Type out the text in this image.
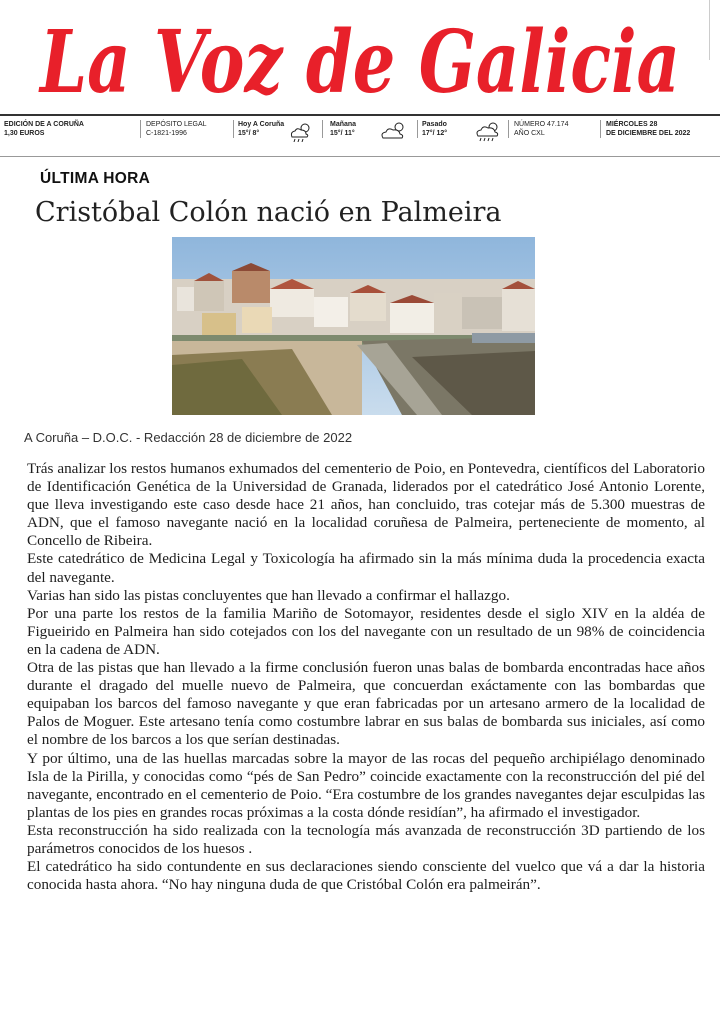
La Voz de Galicia
EDICIÓN DE A CORUÑA
1,30 EUROS
DEPÓSITO LEGAL
C-1821-1996
Hoy A Coruña
15°/ 8°
Mañana
15°/ 11°
Pasado
17°/ 12°
NÚMERO 47.174
AÑO CXL
MIÉRCOLES 28
DE DICIEMBRE DEL 2022
ÚLTIMA HORA
Cristóbal Colón nació en Palmeira
A Coruña – D.O.C. - Redacción 28 de diciembre de 2022

Trás analizar los restos humanos exhumados del cementerio de Poio, en Pontevedra, científicos del Laboratorio de Identificación Genética de la Universidad de Granada, liderados por el catedrático José Antonio Lorente, que lleva investigando este caso desde hace 21 años, han concluido, tras cotejar más de 5.300 muestras de ADN, que el famoso navegante nació en la localidad coruñesa de Palmeira, perteneciente de momento, al Concello de Ribeira.

Este catedrático de Medicina Legal y Toxicología ha afirmado sin la más mínima duda la procedencia exacta del navegante.

Varias han sido las pistas concluyentes que han llevado a confirmar el hallazgo.

Por una parte los restos de la familia Mariño de Sotomayor, residentes desde el siglo XIV en la aldéa de Figueirido en Palmeira han sido cotejados con los del navegante con un resultado de un 98% de coincidencia en la cadena de ADN.

Otra de las pistas que han llevado a la firme conclusión fueron unas balas de bombarda encontradas hace años durante el dragado del muelle nuevo de Palmeira, que concuerdan exáctamente con las bombardas que equipaban los barcos del famoso navegante y que eran fabricadas por un artesano armero de la localidad de Palos de Moguer. Este artesano tenía como costumbre labrar en sus balas de bombarda sus iniciales, así como el nombre de los barcos a los que serían destinadas.

Y por último, una de las huellas marcadas sobre la mayor de las rocas del pequeño archipiélago denominado Isla de la Pirilla, y conocidas como “pés de San Pedro” coincide exactamente con la reconstrucción del pié del navegante, encontrado en el cementerio de Poio. “Era costumbre de los grandes navegantes dejar esculpidas las plantas de los pies en grandes rocas próximas a la costa dónde residían”, ha afirmado el investigador.

Esta reconstrucción ha sido realizada con la tecnología más avanzada de reconstrucción 3D partiendo de los parámetros conocidos de los huesos .

El catedrático ha sido contundente en sus declaraciones siendo consciente del vuelco que vá a dar la historia conocida hasta ahora. “No hay ninguna duda de que Cristóbal Colón era palmeirán”.
